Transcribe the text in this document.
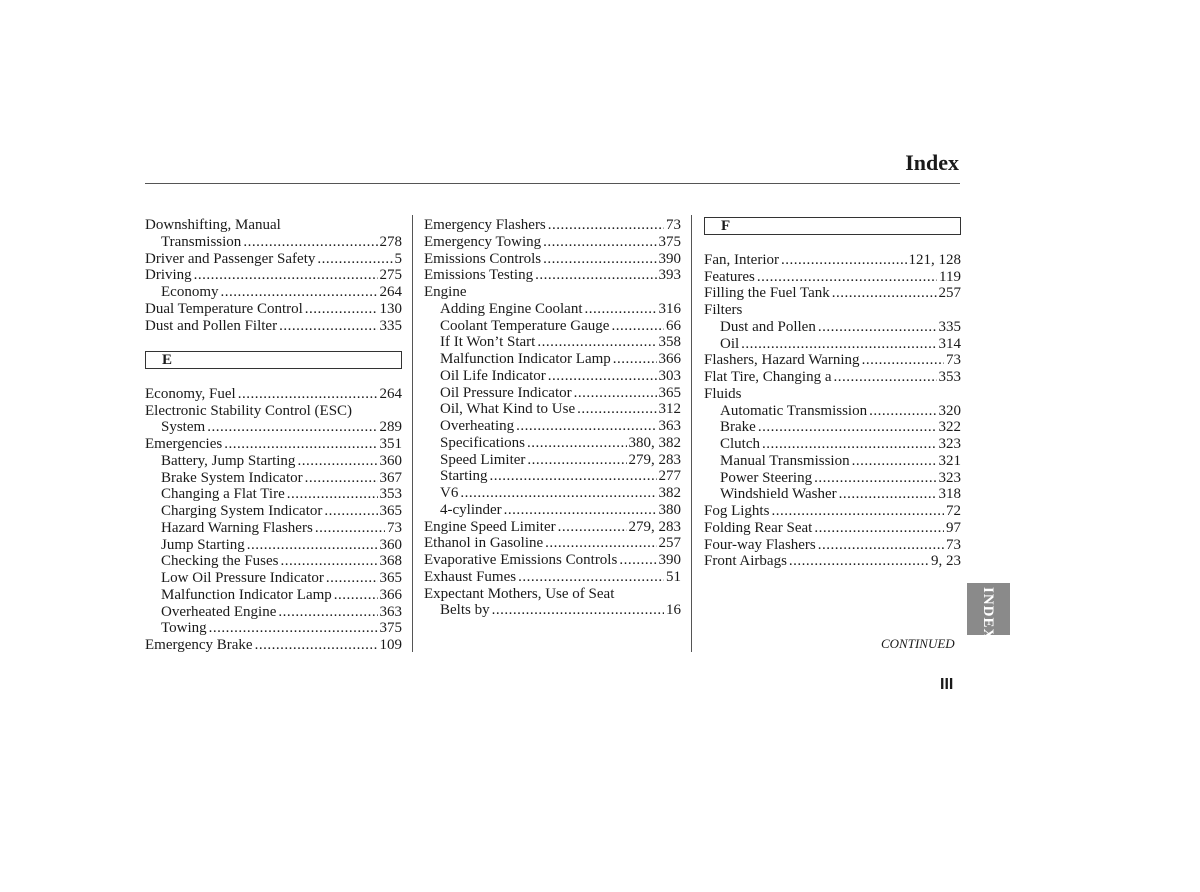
Index
Downshifting, Manual
Transmission .....	278
Driver and Passenger Safety .....	5
Driving .....	275
Economy .....	264
Dual Temperature Control .....	130
Dust and Pollen Filter .....	335
E
Economy, Fuel .....	264
Electronic Stability Control (ESC)
System .....	289
Emergencies .....	351
Battery, Jump Starting .....	360
Brake System Indicator .....	367
Changing a Flat Tire .....	353
Charging System Indicator .....	365
Hazard Warning Flashers .....	73
Jump Starting .....	360
Checking the Fuses .....	368
Low Oil Pressure Indicator .....	365
Malfunction Indicator Lamp .....	366
Overheated Engine .....	363
Towing .....	375
Emergency Brake .....	109
Emergency Flashers .....	73
Emergency Towing .....	375
Emissions Controls .....	390
Emissions Testing .....	393
Engine
Adding Engine Coolant .....	316
Coolant Temperature Gauge .....	66
If It Won’t Start .....	358
Malfunction Indicator Lamp .....	366
Oil Life Indicator .....	303
Oil Pressure Indicator .....	365
Oil, What Kind to Use .....	312
Overheating .....	363
Specifications .....	380, 382
Speed Limiter .....	279, 283
Starting .....	277
V6 .....	382
4-cylinder .....	380
Engine Speed Limiter .....	279, 283
Ethanol in Gasoline .....	257
Evaporative Emissions Controls .....	390
Exhaust Fumes .....	51
Expectant Mothers, Use of Seat
Belts by .....	16
F
Fan, Interior .....	121, 128
Features .....	119
Filling the Fuel Tank .....	257
Filters
Dust and Pollen .....	335
Oil .....	314
Flashers, Hazard Warning .....	73
Flat Tire, Changing a .....	353
Fluids
Automatic Transmission .....	320
Brake .....	322
Clutch .....	323
Manual Transmission .....	321
Power Steering .....	323
Windshield Washer .....	318
Fog Lights .....	72
Folding Rear Seat .....	97
Four-way Flashers .....	73
Front Airbags .....	9, 23
INDEX
CONTINUED
III
